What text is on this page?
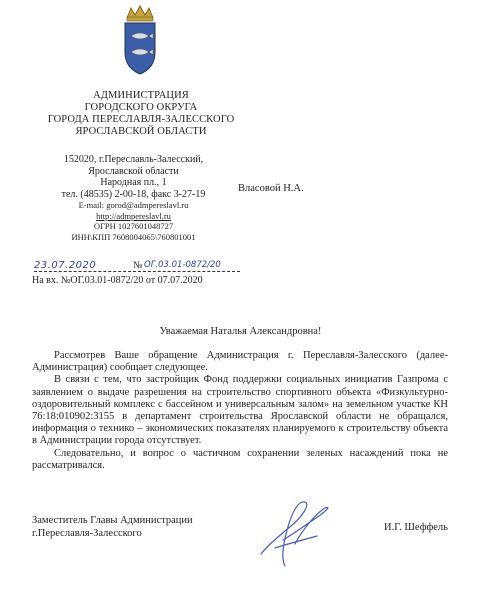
АДМИНИСТРАЦИЯ
ГОРОДСКОГО ОКРУГА
ГОРОДА ПЕРЕСЛАВЛЯ-ЗАЛЕССКОГО
ЯРОСЛАВСКОЙ ОБЛАСТИ
152020, г.Переславль-Залесский,
Ярославской области
Народная пл., 1
тел. (48535) 2-00-18, факс 3-27-19
E-mail: gorod@admpereslavl.ru
http://admpereslavl.ru
ОГРН 1027601048727
ИНН\КПП 7608004065\760801001
Власовой Н.А.
23.07.2020	№ ОГ.03.01-0872/20
На вх. №ОГ.03.01-0872/20 от 07.07.2020
Уважаемая Наталья Александровна!

Рассмотрев Ваше обращение Администрация г. Переславля-Залесского (далее- Администрация) сообщает следующее.

В связи с тем, что застройщик Фонд поддержки социальных инициатив Газпрома с заявлением о выдаче разрешения на строительство спортивного объекта «Физкультурно-оздоровительный комплекс с бассейном и универсальным залом» на земельном участке КН 76:18:010902:3155 в департамент строительства Ярославской области не обращался, информация о технико – экономических показателях планируемого к строительству объекта в Администрации города отсутствует.

Следовательно, и вопрос о частичном сохранении зеленых насаждений пока не рассматривался.

Заместитель Главы Администрации
г.Переславля-Залесского
И.Г. Шеффель
